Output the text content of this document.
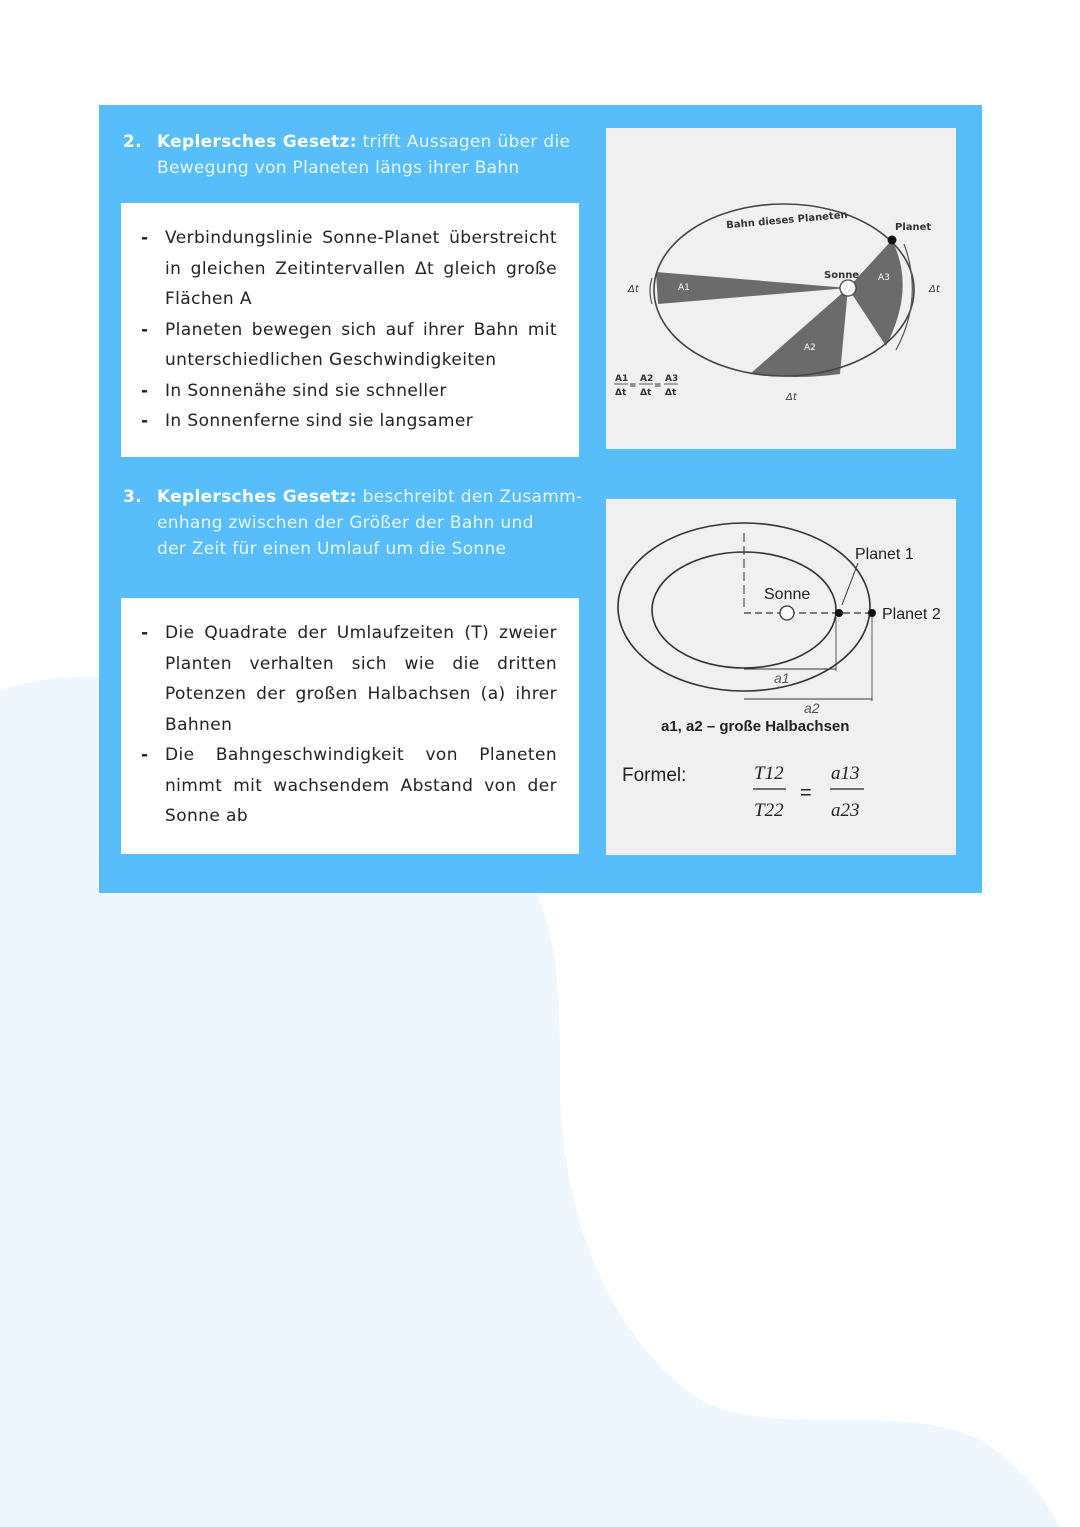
2. Keplersches Gesetz: trifft Aussagen über die
Bewegung von Planeten längs ihrer Bahn
- Verbindungslinie Sonne-Planet überstreicht in gleichen Zeitintervallen Δt gleich große Flächen A
- Planeten bewegen sich auf ihrer Bahn mit unterschiedlichen Geschwindigkeiten
- In Sonnenähe sind sie schneller
- In Sonnenferne sind sie langsamer
Bahn dieses Planeten	Planet
Sonne
A1
A2
A3
Δt
Δt
Δt
A1
Δt
=
A2
Δt
=
A3
Δt
3. Keplersches Gesetz: beschreibt den Zusamm-
enhang zwischen der Größer der Bahn und
der Zeit für einen Umlauf um die Sonne
- Die Quadrate der Umlaufzeiten (T) zweier Planten verhalten sich wie die dritten Potenzen der großen Halbachsen (a) ihrer Bahnen
- Die Bahngeschwindigkeit von Planeten nimmt mit wachsendem Abstand von der Sonne ab
Planet 1
Planet 2
Sonne
a1
a2
a1, a2 – große Halbachsen
T12
T22
=
a13
a23
Formel:
